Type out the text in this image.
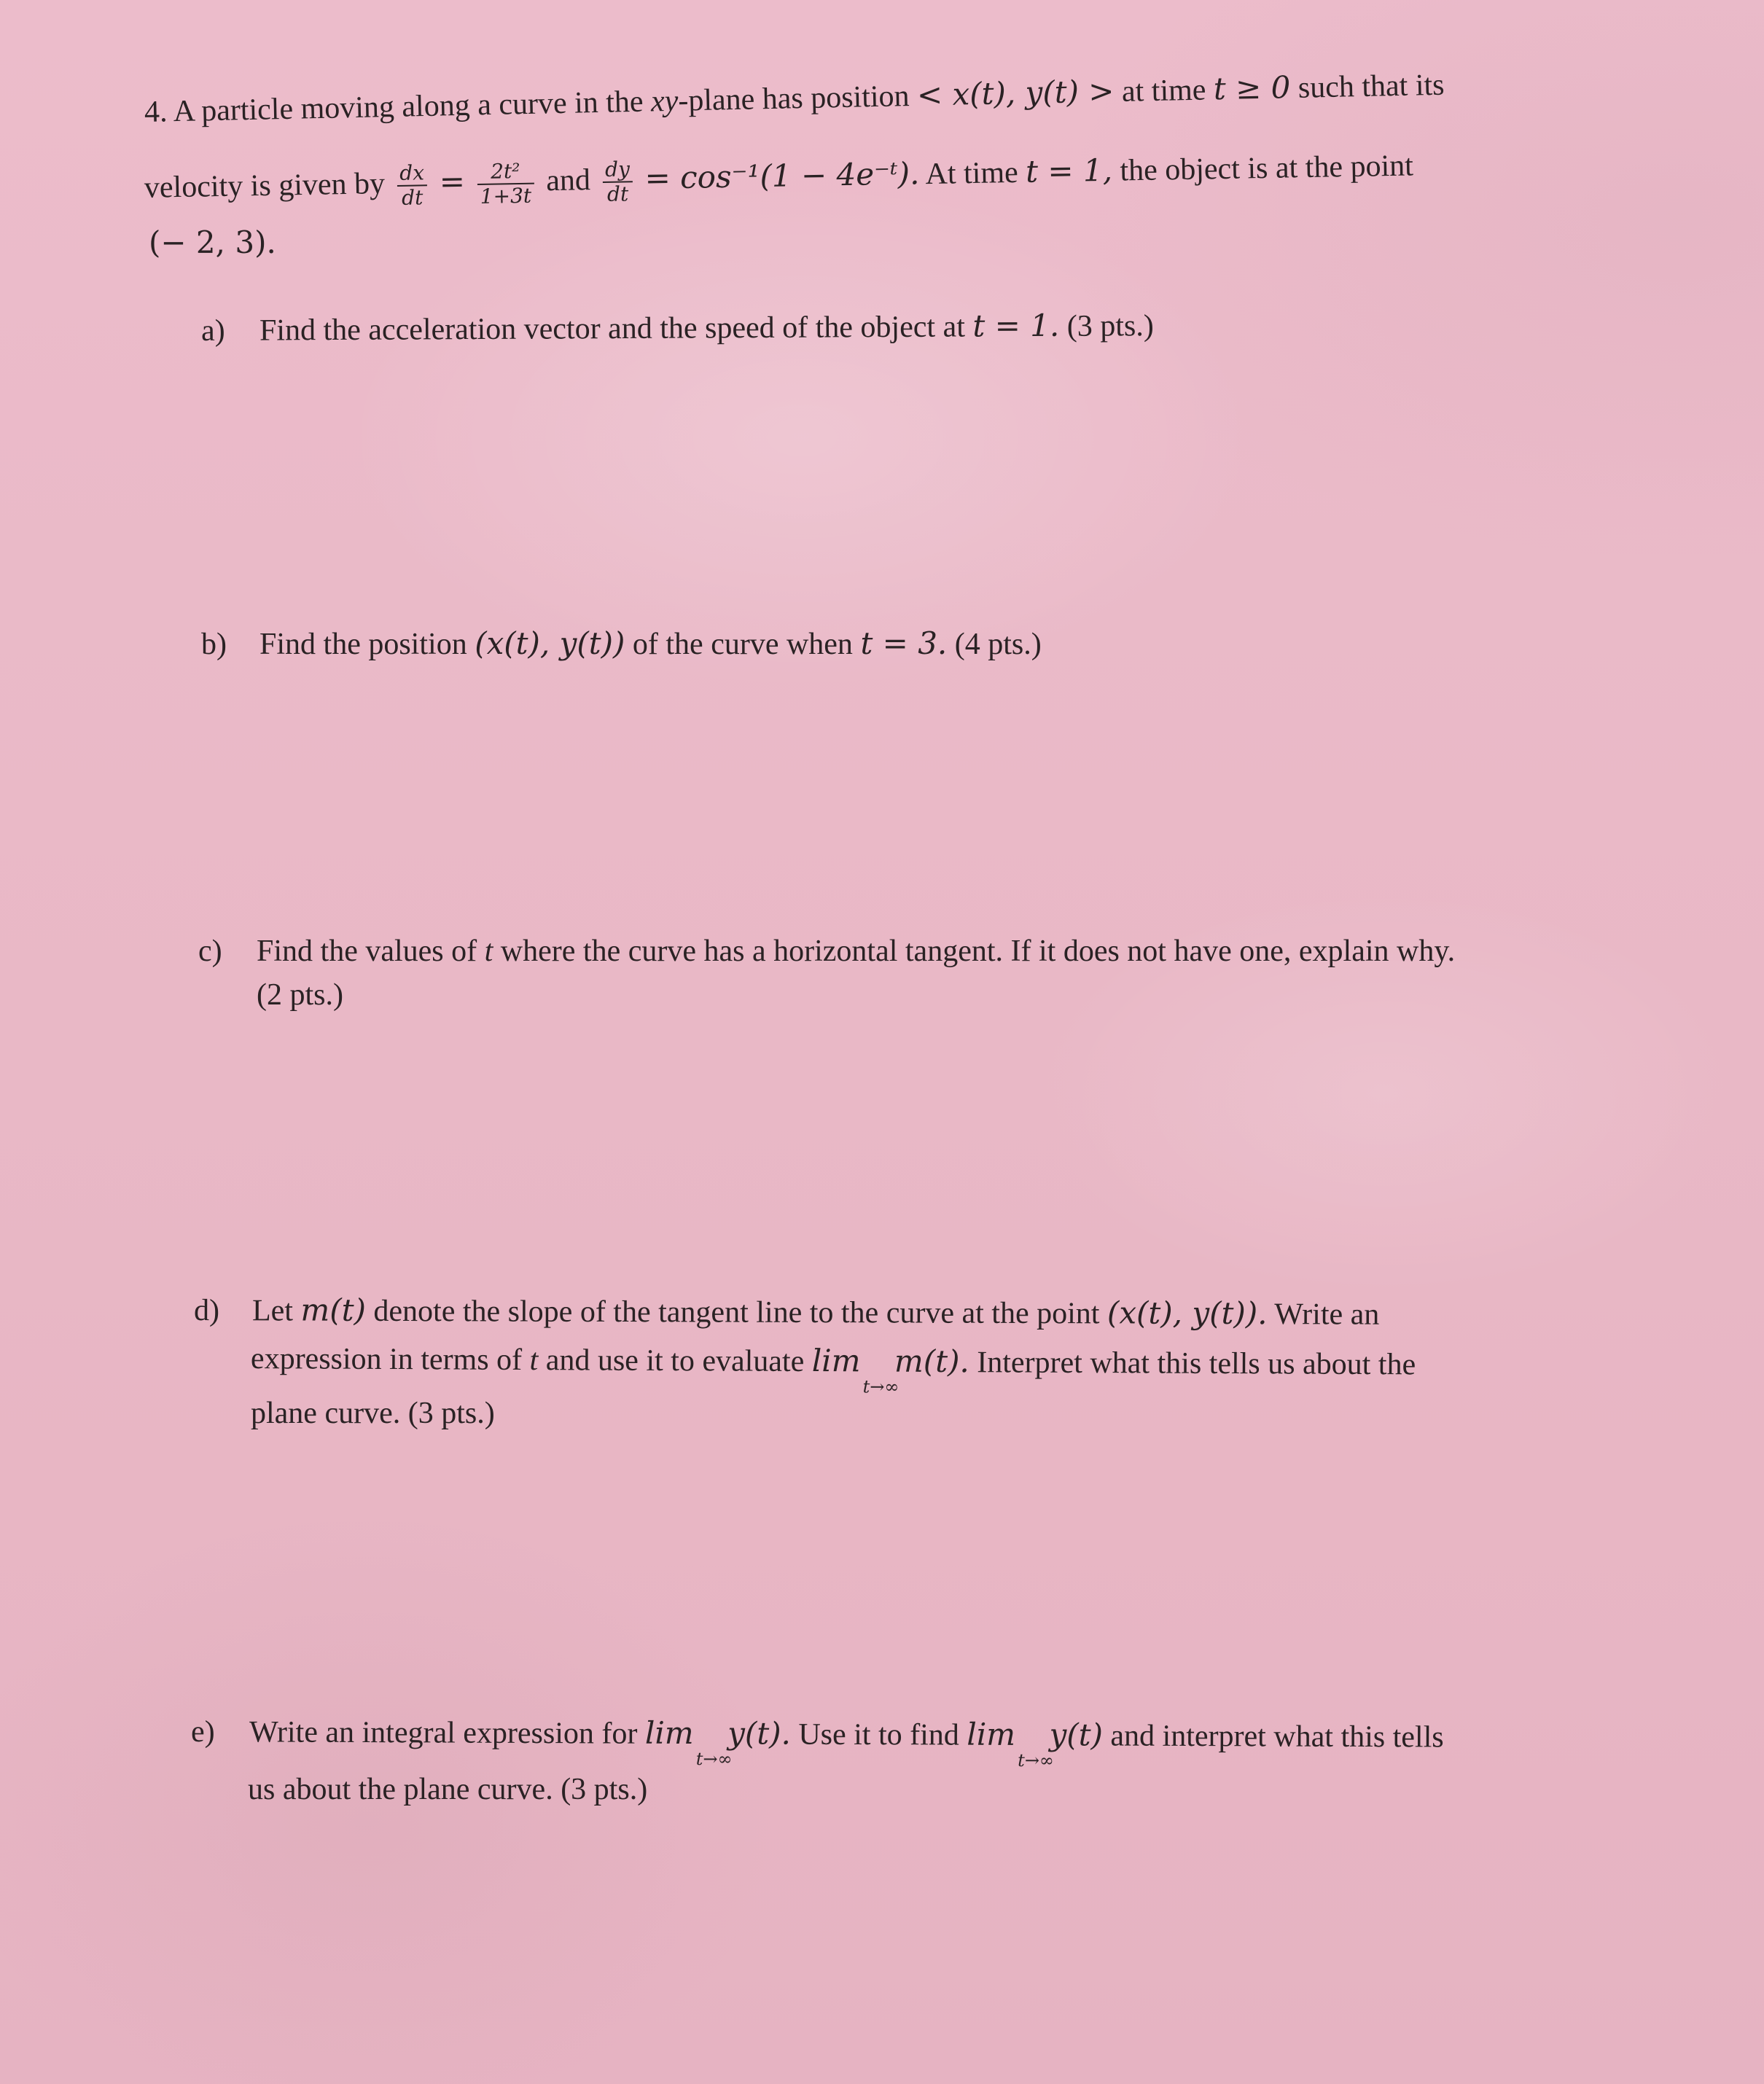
4. A particle moving along a curve in the xy-plane has position < x(t), y(t) > at time t ≥ 0 such that its
velocity is given by $\frac{dx}{dt} = \frac{\text{2t²}}{1+3t}$ and $\frac{dy}{dt} = \cos^{-1}(1$ − 4e⁻ᵗ). At time t = 1, the object is at the point
(− 2, 3).
a) Find the acceleration vector and the speed of the object at t = 1. (3 pts.)
b) Find the position (x(t), y(t)) of the curve when t = 3. (4 pts.)
c) Find the values of t where the curve has a horizontal tangent. If it does not have one, explain why.
(2 pts.)
d) Let m(t) denote the slope of the tangent line to the curve at the point (x(t), y(t)). Write an
expression in terms of t and use it to evaluate lim
t→∞
m(t). Interpret what this tells us about the
plane curve. (3 pts.)
e) Write an integral expression for lim
t→∞
y(t). Use it to find lim
t→∞
y(t) and interpret what this tells
us about the plane curve. (3 pts.)
